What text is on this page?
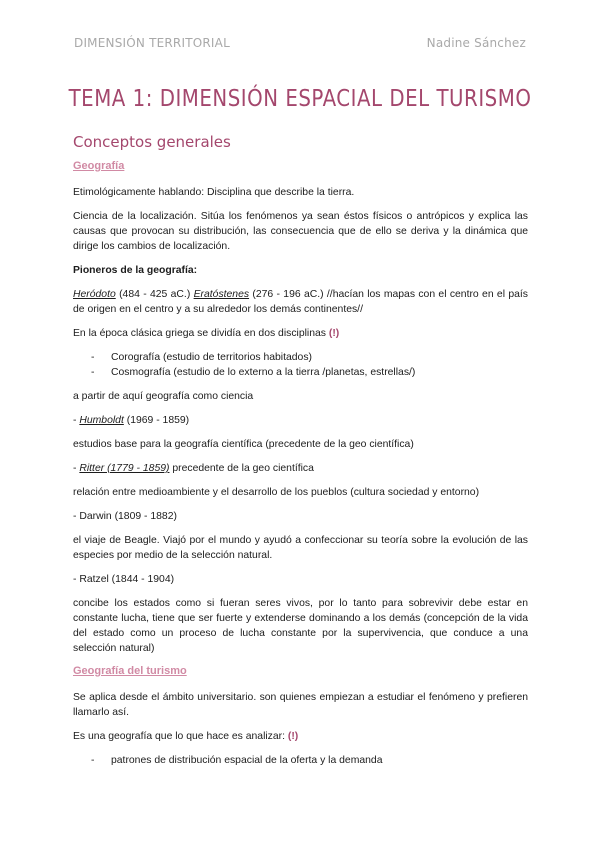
DIMENSIÓN TERRITORIAL	Nadine Sánchez
TEMA 1: DIMENSIÓN ESPACIAL DEL TURISMO
Conceptos generales
Geografía

Etimológicamente hablando: Disciplina que describe la tierra.

Ciencia de la localización. Sitúa los fenómenos ya sean éstos físicos o antrópicos y explica las causas que provocan su distribución, las consecuencia que de ello se deriva y la dinámica que dirige los cambios de localización.

Pioneros de la geografía:

Heródoto (484 - 425 aC.) Eratóstenes (276 - 196 aC.) //hacían los mapas con el centro en el país de origen en el centro y a su alrededor los demás continentes//

En la época clásica griega se dividía en dos disciplinas (!)

- Corografía (estudio de territorios habitados)
- Cosmografía (estudio de lo externo a la tierra /planetas, estrellas/)

a partir de aquí geografía como ciencia

- Humboldt (1969 - 1859)

estudios base para la geografía científica (precedente de la geo científica)

- Ritter (1779 - 1859) precedente de la geo científica

relación entre medioambiente y el desarrollo de los pueblos (cultura sociedad y entorno)

- Darwin (1809 - 1882)

el viaje de Beagle. Viajó por el mundo y ayudó a confeccionar su teoría sobre la evolución de las especies por medio de la selección natural.

- Ratzel (1844 - 1904)

concibe los estados como si fueran seres vivos, por lo tanto para sobrevivir debe estar en constante lucha, tiene que ser fuerte y extenderse dominando a los demás (concepción de la vida del estado como un proceso de lucha constante por la supervivencia, que conduce a una selección natural)

Geografía del turismo

Se aplica desde el ámbito universitario. son quienes empiezan a estudiar el fenómeno y prefieren llamarlo así.

Es una geografía que lo que hace es analizar: (!)

- patrones de distribución espacial de la oferta y la demanda
